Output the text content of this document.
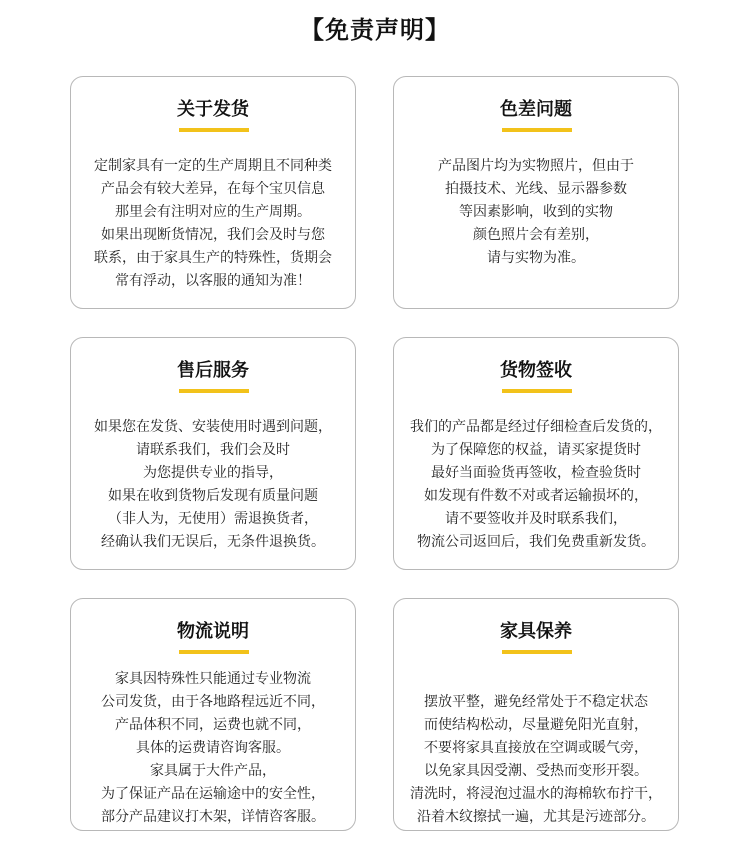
【免责声明】
关于发货
定制家具有一定的生产周期且不同种类
产品会有较大差异，在每个宝贝信息
那里会有注明对应的生产周期。
如果出现断货情况，我们会及时与您
联系，由于家具生产的特殊性，货期会
常有浮动，以客服的通知为准！
色差问题
产品图片均为实物照片，但由于
拍摄技术、光线、显示器参数
等因素影响，收到的实物
颜色照片会有差别，
请与实物为准。
售后服务
如果您在发货、安装使用时遇到问题，
请联系我们，我们会及时
为您提供专业的指导，
如果在收到货物后发现有质量问题
（非人为，无使用）需退换货者，
经确认我们无误后，无条件退换货。
货物签收
我们的产品都是经过仔细检查后发货的，
为了保障您的权益，请买家提货时
最好当面验货再签收，检查验货时
如发现有件数不对或者运输损坏的，
请不要签收并及时联系我们，
物流公司返回后，我们免费重新发货。
物流说明
家具因特殊性只能通过专业物流
公司发货，由于各地路程远近不同，
产品体积不同，运费也就不同，
具体的运费请咨询客服。
家具属于大件产品，
为了保证产品在运输途中的安全性，
部分产品建议打木架，详情咨客服。
家具保养

摆放平整，避免经常处于不稳定状态
而使结构松动，尽量避免阳光直射，
不要将家具直接放在空调或暖气旁，
以免家具因受潮、受热而变形开裂。
清洗时，将浸泡过温水的海棉软布拧干，
沿着木纹擦拭一遍，尤其是污迹部分。
